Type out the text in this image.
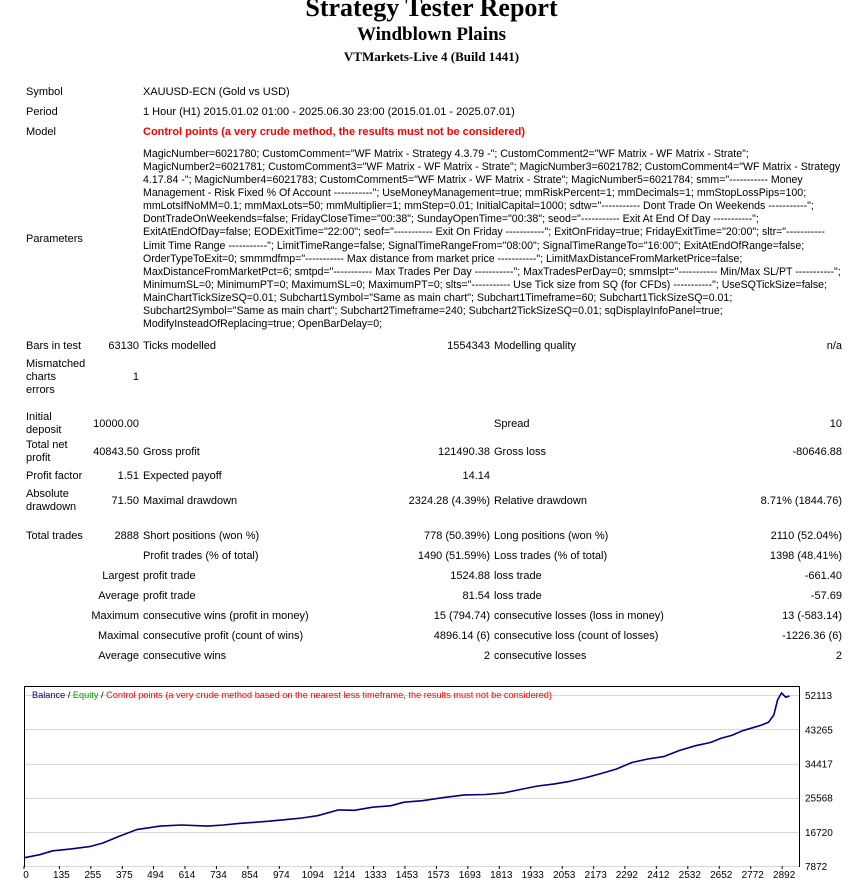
Strategy Tester Report
Windblown Plains
VTMarkets-Live 4 (Build 1441)
Symbol		XAUUSD-ECN (Gold vs USD)			
Period		1 Hour (H1) 2015.01.02 01:00 - 2025.06.30 23:00 (2015.01.01 - 2025.07.01)			
Model		Control points (a very crude method, the results must not be considered)			
Parameters		MagicNumber=6021780; CustomComment="WF Matrix - Strategy 4.3.79 -"; CustomComment2="WF Matrix - WF Matrix - Strate"; MagicNumber2=6021781; CustomComment3="WF Matrix - WF Matrix - Strate"; MagicNumber3=6021782; CustomComment4="WF Matrix - Strategy 4.17.84 -"; MagicNumber4=6021783; CustomComment5="WF Matrix - WF Matrix - Strate"; MagicNumber5=6021784; smm="----------- Money Management - Risk Fixed % Of Account -----------"; UseMoneyManagement=true; mmRiskPercent=1; mmDecimals=1; mmStopLossPips=100; mmLotsIfNoMM=0.1; mmMaxLots=50; mmMultiplier=1; mmStep=0.01; InitialCapital=1000; sdtw="----------- Dont Trade On Weekends -----------"; DontTradeOnWeekends=false; FridayCloseTime="00:38"; SundayOpenTime="00:38"; seod="----------- Exit At End Of Day -----------"; ExitAtEndOfDay=false; EODExitTime="22:00"; seof="----------- Exit On Friday -----------"; ExitOnFriday=true; FridayExitTime="20:00"; sltr="----------- Limit Time Range -----------"; LimitTimeRange=false; SignalTimeRangeFrom="08:00"; SignalTimeRangeTo="16:00"; ExitAtEndOfRange=false; OrderTypeToExit=0; smmmdfmp="----------- Max distance from market price -----------"; LimitMaxDistanceFromMarketPrice=false; MaxDistanceFromMarketPct=6; smtpd="----------- Max Trades Per Day -----------"; MaxTradesPerDay=0; smmslpt="----------- Min/Max SL/PT -----------"; MinimumSL=0; MinimumPT=0; MaximumSL=0; MaximumPT=0; slts="----------- Use Tick size from SQ (for CFDs) -----------"; UseSQTickSize=false; MainChartTickSizeSQ=0.01; Subchart1Symbol="Same as main chart"; Subchart1Timeframe=60; Subchart1TickSizeSQ=0.01; Subchart2Symbol="Same as main chart"; Subchart2Timeframe=240; Subchart2TickSizeSQ=0.01; sqDisplayInfoPanel=true; ModifyInsteadOfReplacing=true; OpenBarDelay=0;			
Bars in test	63130	Ticks modelled	1554343	Modelling quality	n/a
Mismatched charts errors	1				

Initial deposit	10000.00			Spread	10
Total net profit	40843.50	Gross profit	121490.38	Gross loss	-80646.88
Profit factor	1.51	Expected payoff	14.14		
Absolute drawdown	71.50	Maximal drawdown	2324.28 (4.39%)	Relative drawdown	8.71% (1844.76)

Total trades	2888	Short positions (won %)	778 (50.39%)	Long positions (won %)	2110 (52.04%)
		Profit trades (% of total)	1490 (51.59%)	Loss trades (% of total)	1398 (48.41%)
Largest		profit trade	1524.88	loss trade	-661.40
Average		profit trade	81.54	loss trade	-57.69
Maximum		consecutive wins (profit in money)	15 (794.74)	consecutive losses (loss in money)	13 (-583.14)
Maximal		consecutive profit (count of wins)	4896.14 (6)	consecutive loss (count of losses)	-1226.36 (6)
Average		consecutive wins	2	consecutive losses	2
7872
16720
25568
34417
43265
52113
0 135 255 375 494 614 734 854 974 1094 1214 1333 1453 1573 1693 1813 1933 2053 2173 2292 2412 2532 2652 2772 2892
Balance / Equity / Control points (a very crude method based on the nearest less timeframe, the results must not be considered)
